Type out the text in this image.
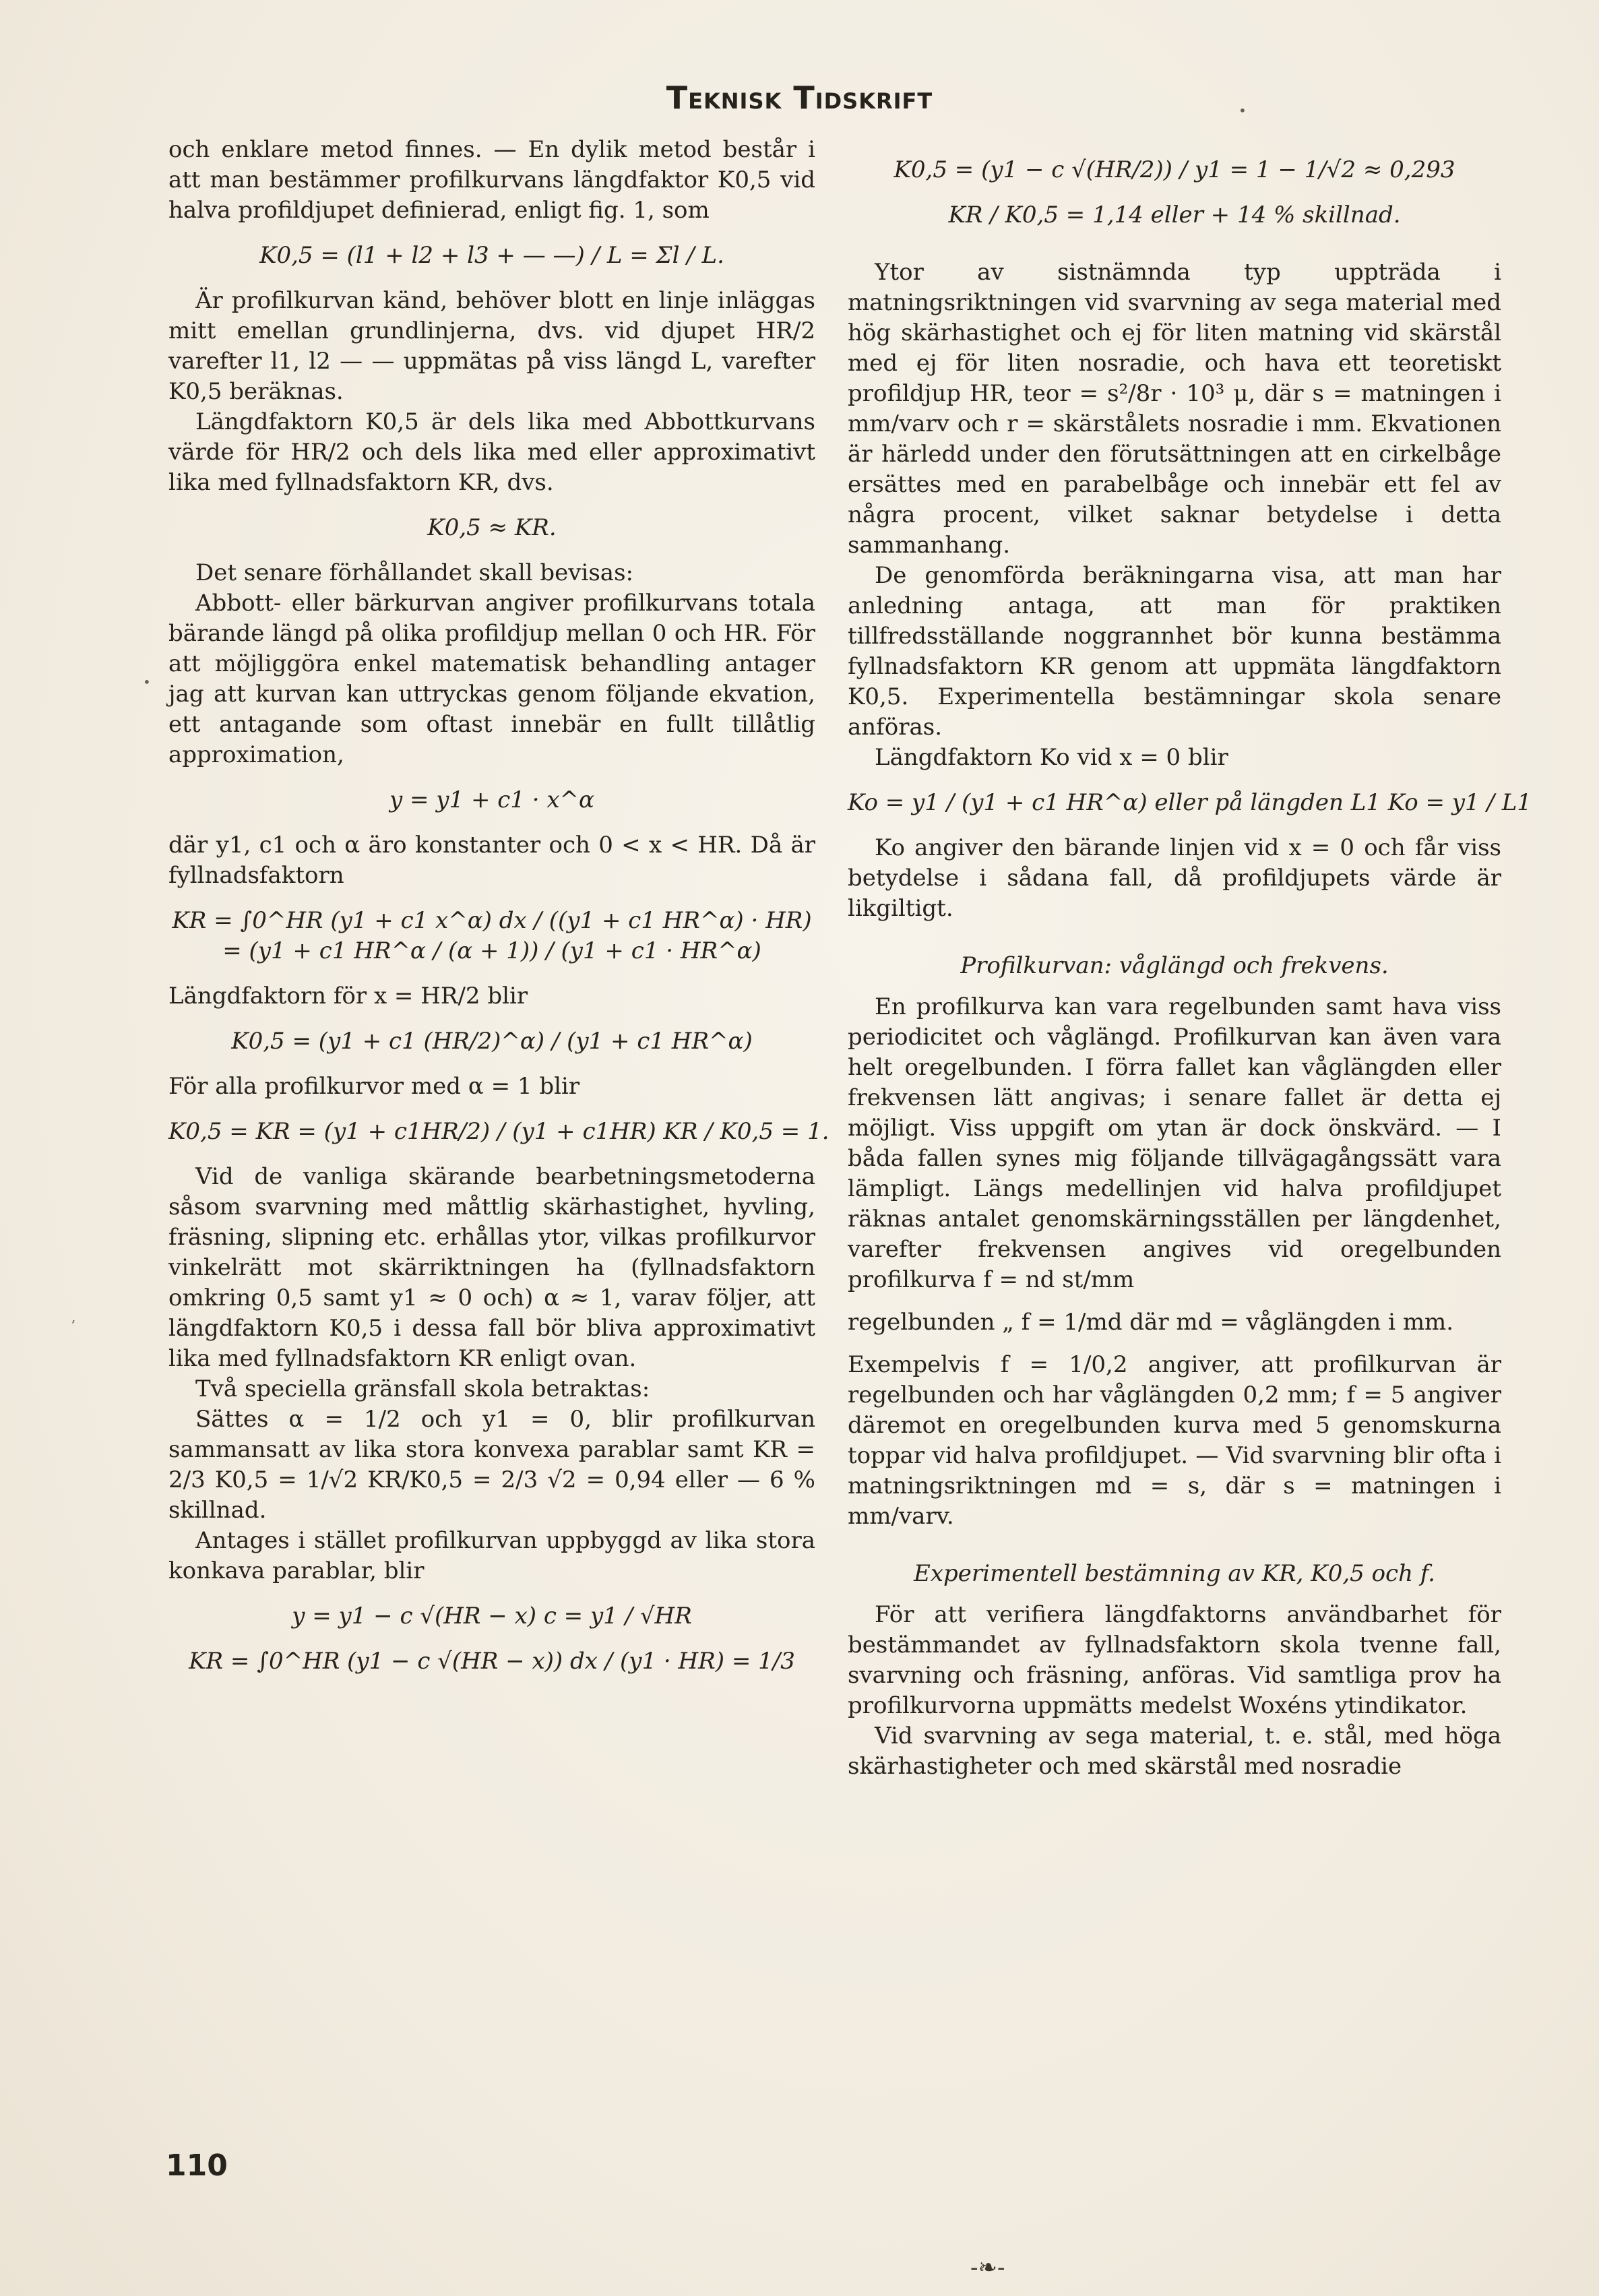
Teknisk Tidskrift

och enklare metod finnes. — En dylik metod består i att man bestämmer profilkurvans längdfaktor K0,5 vid halva profildjupet definierad, enligt fig. 1, som

K0,5 = (l1 + l2 + l3 + — —) / L = Σl / L.

Är profilkurvan känd, behöver blott en linje inläggas mitt emellan grundlinjerna, dvs. vid djupet HR/2 varefter l1, l2 — — uppmätas på viss längd L, varefter K0,5 beräknas.

Längdfaktorn K0,5 är dels lika med Abbottkurvans värde för HR/2 och dels lika med eller approximativt lika med fyllnadsfaktorn KR, dvs.

K0,5 ≈ KR.

Det senare förhållandet skall bevisas:

Abbott- eller bärkurvan angiver profilkurvans totala bärande längd på olika profildjup mellan 0 och HR. För att möjliggöra enkel matematisk behandling antager jag att kurvan kan uttryckas genom följande ekvation, ett antagande som oftast innebär en fullt tillåtlig approximation,

y = y1 + c1 · x^α

där y1, c1 och α äro konstanter och 0 < x < HR. Då är fyllnadsfaktorn

KR = ∫0^HR (y1 + c1 x^α) dx / ((y1 + c1 HR^α) · HR) = (y1 + c1 HR^α / (α + 1)) / (y1 + c1 · HR^α)

Längdfaktorn för x = HR/2 blir

K0,5 = (y1 + c1 (HR/2)^α) / (y1 + c1 HR^α)

För alla profilkurvor med α = 1 blir

K0,5 = KR = (y1 + c1HR/2) / (y1 + c1HR) KR / K0,5 = 1.

Vid de vanliga skärande bearbetningsmetoderna såsom svarvning med måttlig skärhastighet, hyvling, fräsning, slipning etc. erhållas ytor, vilkas profilkurvor vinkelrätt mot skärriktningen ha (fyllnadsfaktorn omkring 0,5 samt y1 ≈ 0 och) α ≈ 1, varav följer, att längdfaktorn K0,5 i dessa fall bör bliva approximativt lika med fyllnadsfaktorn KR enligt ovan.

Två speciella gränsfall skola betraktas:

Sättes α = 1/2 och y1 = 0, blir profilkurvan sammansatt av lika stora konvexa parablar samt KR = 2/3 K0,5 = 1/√2 KR/K0,5 = 2/3 √2 = 0,94 eller — 6 % skillnad.

Antages i stället profilkurvan uppbyggd av lika stora konkava parablar, blir

y = y1 − c √(HR − x) c = y1 / √HR
KR = ∫0^HR (y1 − c √(HR − x)) dx / (y1 · HR) = 1/3
K0,5 = (y1 − c √(HR/2)) / y1 = 1 − 1/√2 ≈ 0,293
KR / K0,5 = 1,14 eller + 14 % skillnad.

Ytor av sistnämnda typ uppträda i matningsriktningen vid svarvning av sega material med hög skärhastighet och ej för liten matning vid skärstål med ej för liten nosradie, och hava ett teoretiskt profildjup HR, teor = s²/8r · 10³ μ, där s = matningen i mm/varv och r = skärstålets nosradie i mm. Ekvationen är härledd under den förutsättningen att en cirkelbåge ersättes med en parabelbåge och innebär ett fel av några procent, vilket saknar betydelse i detta sammanhang.

De genomförda beräkningarna visa, att man har anledning antaga, att man för praktiken tillfredsställande noggrannhet bör kunna bestämma fyllnadsfaktorn KR genom att uppmäta längdfaktorn K0,5. Experimentella bestämningar skola senare anföras.

Längdfaktorn Ko vid x = 0 blir

Ko = y1 / (y1 + c1 HR^α) eller på längden L1 Ko = y1 / L1

Ko angiver den bärande linjen vid x = 0 och får viss betydelse i sådana fall, då profildjupets värde är likgiltigt.

Profilkurvan: våglängd och frekvens.

En profilkurva kan vara regelbunden samt hava viss periodicitet och våglängd. Profilkurvan kan även vara helt oregelbunden. I förra fallet kan våglängden eller frekvensen lätt angivas; i senare fallet är detta ej möjligt. Viss uppgift om ytan är dock önskvärd. — I båda fallen synes mig följande tillvägagångssätt vara lämpligt. Längs medellinjen vid halva profildjupet räknas antalet genomskärningsställen per längdenhet, varefter frekvensen angives vid oregelbunden profilkurva f = nd st/mm

regelbunden „ f = 1/md där md = våglängden i mm.

Exempelvis f = 1/0,2 angiver, att profilkurvan är regelbunden och har våglängden 0,2 mm; f = 5 angiver däremot en oregelbunden kurva med 5 genomskurna toppar vid halva profildjupet. — Vid svarvning blir ofta i matningsriktningen md = s, där s = matningen i mm/varv.

Experimentell bestämning av KR, K0,5 och f.

För att verifiera längdfaktorns användbarhet för bestämmandet av fyllnadsfaktorn skola tvenne fall, svarvning och fräsning, anföras. Vid samtliga prov ha profilkurvorna uppmätts medelst Woxéns ytindikator.

Vid svarvning av sega material, t. e. stål, med höga skärhastigheter och med skärstål med nosradie

110
•
•
,
-❧-
